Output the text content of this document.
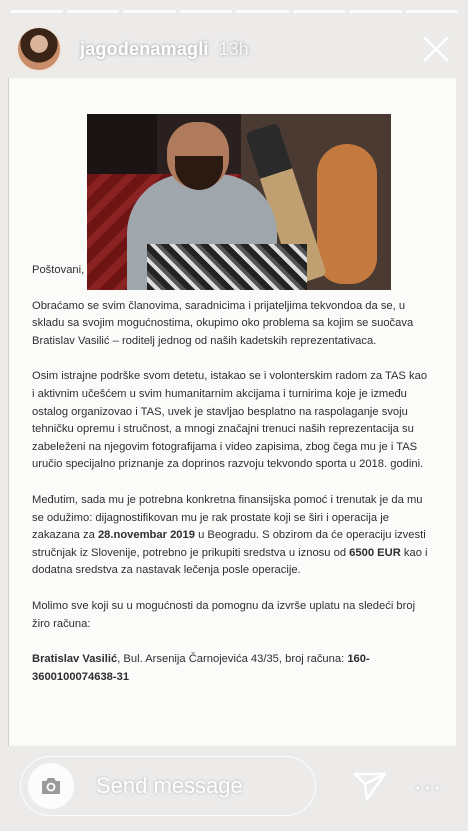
jagodenamagli 13h

Poštovani,

Obraćamo se svim članovima, saradnicima i prijateljima tekvondoa da se, u skladu sa svojim mogućnostima, okupimo oko problema sa kojim se suočava Bratislav Vasilić – roditelj jednog od naših kadetskih reprezentativaca.

Osim istrajne podrške svom detetu, istakao se i volonterskim radom za TAS kao i aktivnim učešćem u svim humanitarnim akcijama i turnirima koje je između ostalog organizovao i TAS, uvek je stavljao besplatno na raspolaganje svoju tehničku opremu i stručnost, a mnogi značajni trenuci naših reprezentacija su zabeleženi na njegovim fotografijama i video zapisima, zbog čega mu je i TAS uručio specijalno priznanje za doprinos razvoju tekvondo sporta u 2018. godini.

Međutim, sada mu je potrebna konkretna finansijska pomoć i trenutak je da mu se odužimo: dijagnostifikovan mu je rak prostate koji se širi i operacija je zakazana za 28.novembar 2019 u Beogradu. S obzirom da će operaciju izvesti stručnjak iz Slovenije, potrebno je prikupiti sredstva u iznosu od 6500 EUR kao i dodatna sredstva za nastavak lečenja posle operacije.

Molimo sve koji su u mogućnosti da pomognu da izvrše uplatu na sledeći broj žiro računa:

Bratislav Vasilić, Bul. Arsenija Čarnojevića 43/35, broj računa: 160-3600100074638-31

Send message	···
